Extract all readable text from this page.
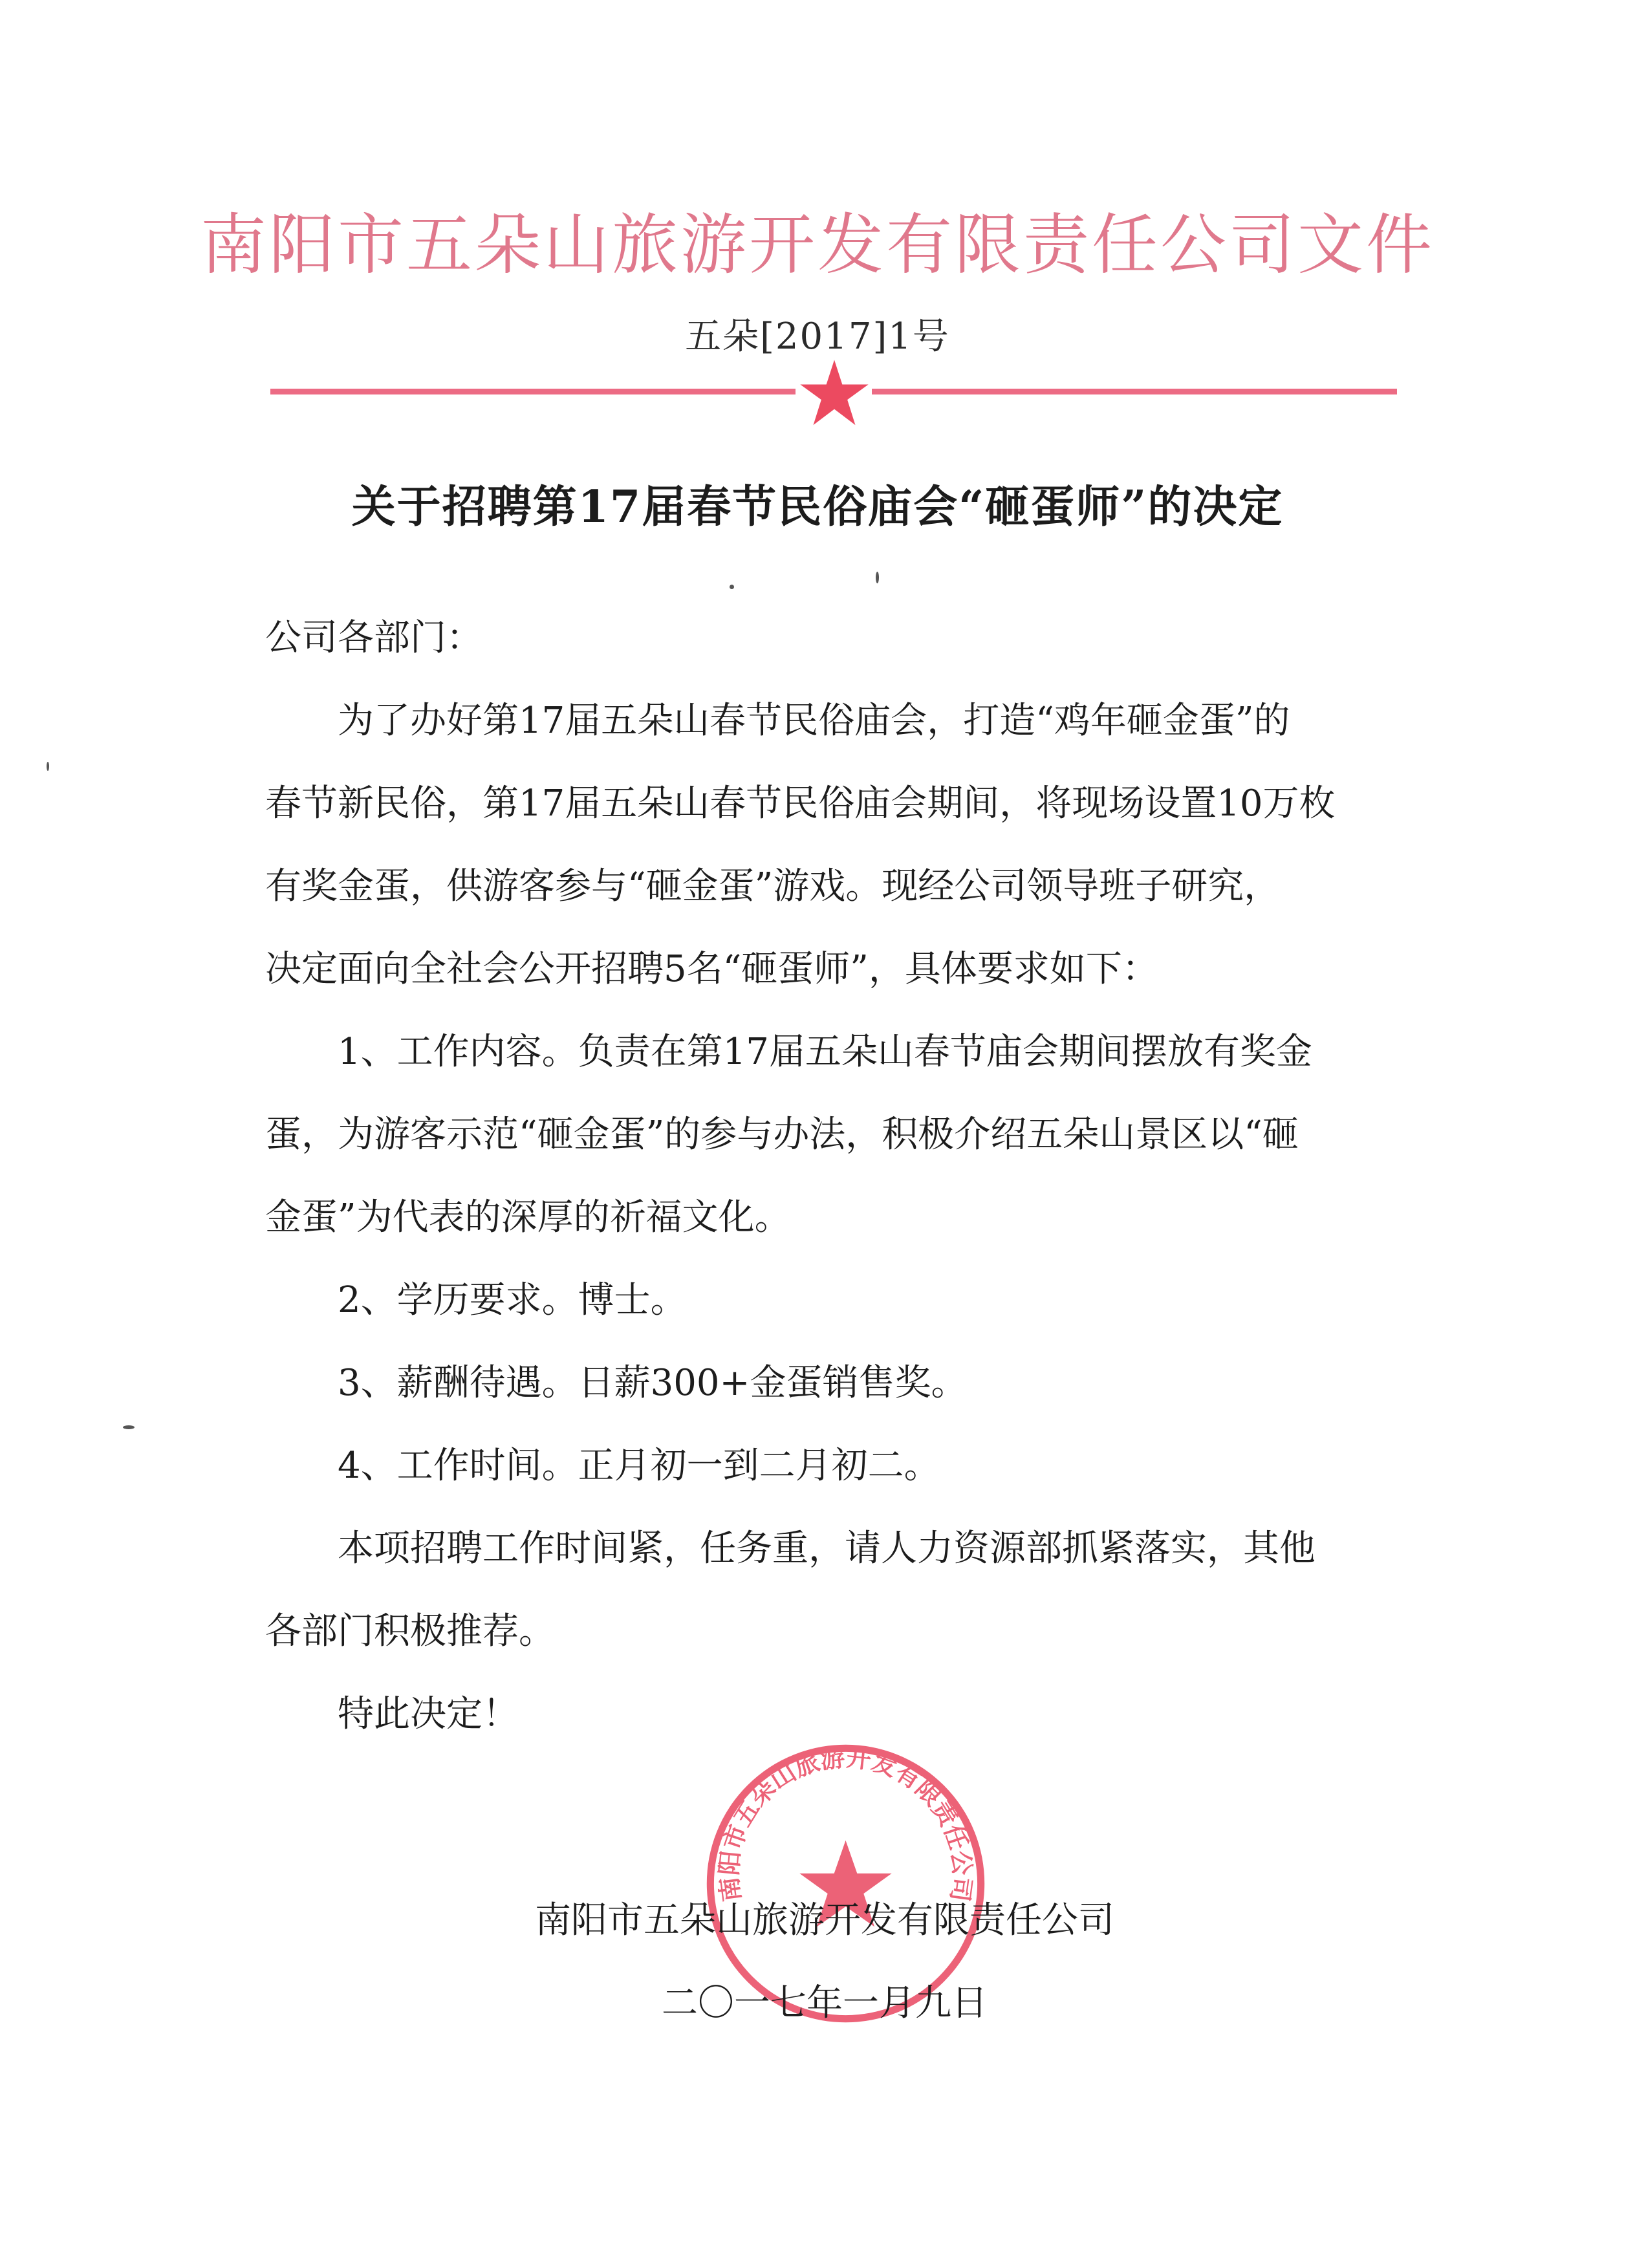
南阳市五朵山旅游开发有限责任公司文件
五朵[2017]1号
关于招聘第17届春节民俗庙会“砸蛋师”的决定
公司各部门：
为了办好第17届五朵山春节民俗庙会，打造“鸡年砸金蛋”的
春节新民俗，第17届五朵山春节民俗庙会期间，将现场设置10万枚
有奖金蛋，供游客参与“砸金蛋”游戏。现经公司领导班子研究，
决定面向全社会公开招聘5名“砸蛋师”，具体要求如下：
1、工作内容。负责在第17届五朵山春节庙会期间摆放有奖金
蛋，为游客示范“砸金蛋”的参与办法，积极介绍五朵山景区以“砸
金蛋”为代表的深厚的祈福文化。
2、学历要求。博士。
3、薪酬待遇。日薪300+金蛋销售奖。
4、工作时间。正月初一到二月初二。
本项招聘工作时间紧，任务重，请人力资源部抓紧落实，其他
各部门积极推荐。
特此决定！
南阳市五朵山旅游开发有限责任公司
南阳市五朵山旅游开发有限责任公司
二〇一七年一月九日
